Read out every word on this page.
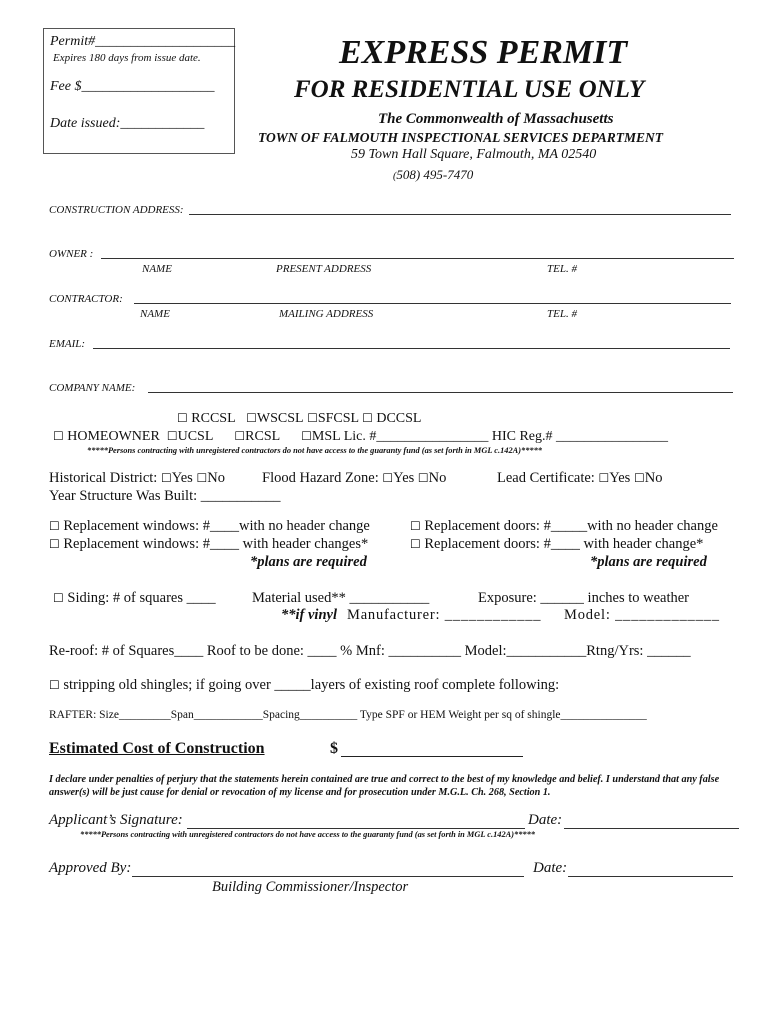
Permit#____________________
Expires 180 days from issue date.
Fee $___________________
Date issued:____________
EXPRESS PERMIT
FOR RESIDENTIAL USE ONLY
The Commonwealth of Massachusetts
TOWN OF FALMOUTH INSPECTIONAL SERVICES DEPARTMENT
59 Town Hall Square, Falmouth, MA 02540
(508) 495-7470
CONSTRUCTION ADDRESS:
OWNER :
NAME	PRESENT ADDRESS	TEL. #
CONTRACTOR:
NAME	MAILING ADDRESS	TEL. #
EMAIL:
COMPANY NAME:
☐ RCCSL ☐WSCSL ☐SFCSL ☐ DCCSL
☐ HOMEOWNER ☐UCSL ☐RCSL ☐MSL Lic. #________________ HIC Reg.# ________________
*****Persons contracting with unregistered contractors do not have access to the guaranty fund (as set forth in MGL c.142A)*****
Historical District: ☐Yes ☐No	Flood Hazard Zone: ☐Yes ☐No	Lead Certificate: ☐Yes ☐No
Year Structure Was Built: ___________
☐ Replacement windows: #____with no header change
☐ Replacement windows: #____ with header changes*
*plans are required
☐ Replacement doors: #_____with no header change
☐ Replacement doors: #____ with header change*
*plans are required
☐ Siding: # of squares ____	Material used** ___________	Exposure: ______ inches to weather
**if vinyl Manufacturer: ____________ Model: _____________
Re-roof: # of Squares____ Roof to be done: ____ % Mnf: __________ Model:___________Rtng/Yrs: ______
☐ stripping old shingles; if going over _____layers of existing roof complete following:
RAFTER: Size_________Span____________Spacing__________ Type SPF or HEM Weight per sq of shingle_______________
Estimated Cost of Construction	$
I declare under penalties of perjury that the statements herein contained are true and correct to the best of my knowledge and belief. I understand that any false answer(s) will be just cause for denial or revocation of my license and for prosecution under M.G.L. Ch. 268, Section 1.
Applicant’s Signature:	Date:
*****Persons contracting with unregistered contractors do not have access to the guaranty fund (as set forth in MGL c.142A)*****
Approved By:	Date:
Building Commissioner/Inspector
